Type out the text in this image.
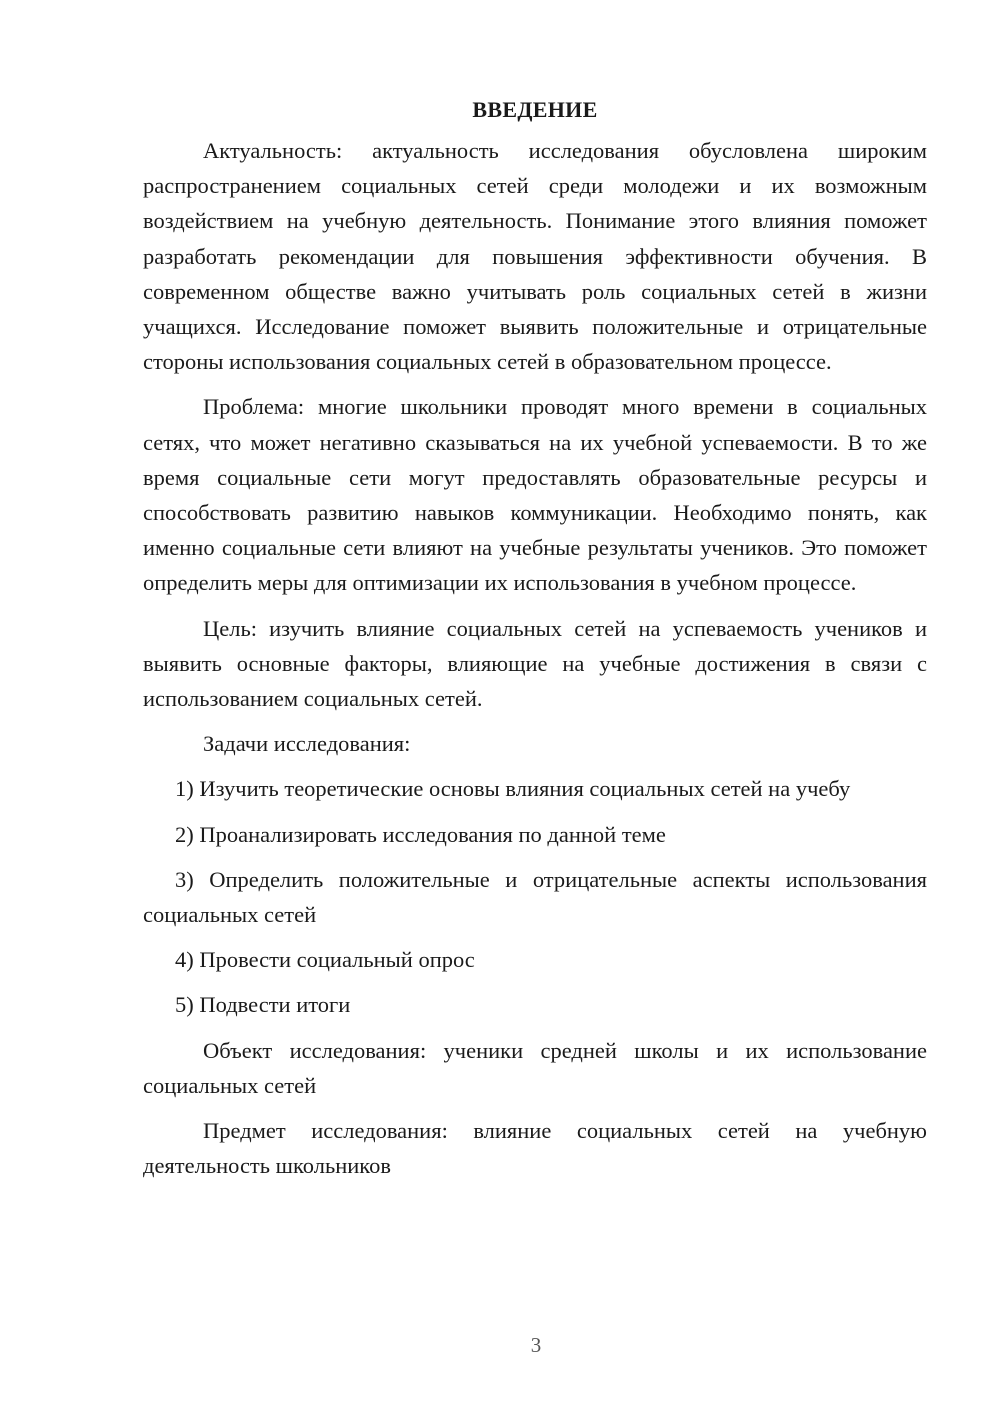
ВВЕДЕНИЕ

Актуальность: актуальность исследования обусловлена широким распространением социальных сетей среди молодежи и их возможным воздействием на учебную деятельность. Понимание этого влияния поможет разработать рекомендации для повышения эффективности обучения. В современном обществе важно учитывать роль социальных сетей в жизни учащихся. Исследование поможет выявить положительные и отрицательные стороны использования социальных сетей в образовательном процессе.

Проблема: многие школьники проводят много времени в социальных сетях, что может негативно сказываться на их учебной успеваемости. В то же время социальные сети могут предоставлять образовательные ресурсы и способствовать развитию навыков коммуникации. Необходимо понять, как именно социальные сети влияют на учебные результаты учеников. Это поможет определить меры для оптимизации их использования в учебном процессе.

Цель: изучить влияние социальных сетей на успеваемость учеников и выявить основные факторы, влияющие на учебные достижения в связи с использованием социальных сетей.

Задачи исследования:

1) Изучить теоретические основы влияния социальных сетей на учебу

2) Проанализировать исследования по данной теме

3) Определить положительные и отрицательные аспекты использования социальных сетей

4) Провести социальный опрос

5) Подвести итоги

Объект исследования: ученики средней школы и их использование социальных сетей

Предмет исследования: влияние социальных сетей на учебную деятельность школьников

3
